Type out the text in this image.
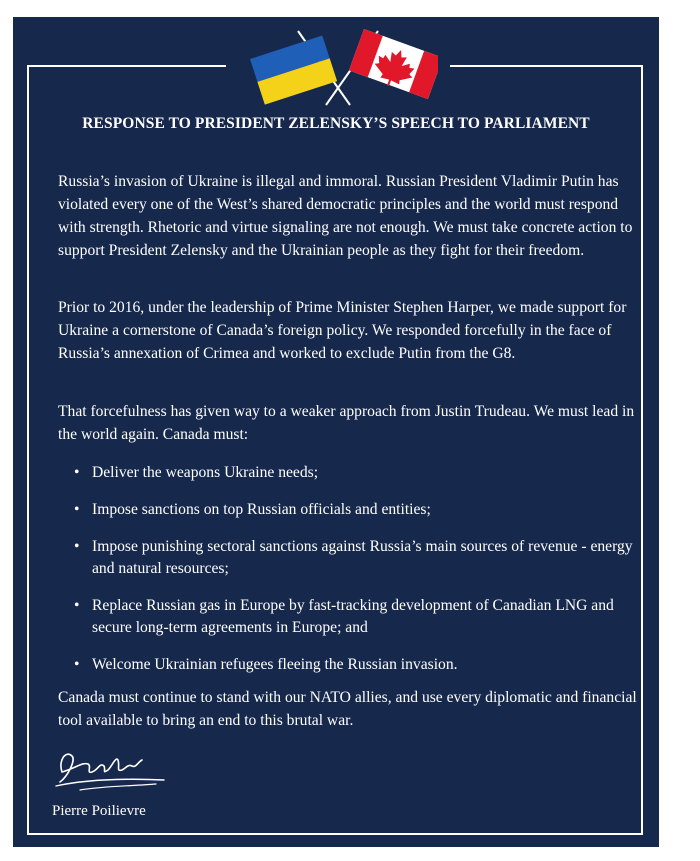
RESPONSE TO PRESIDENT ZELENSKY’S SPEECH TO PARLIAMENT

Russia’s invasion of Ukraine is illegal and immoral. Russian President Vladimir Putin has violated every one of the West’s shared democratic principles and the world must respond with strength. Rhetoric and virtue signaling are not enough. We must take concrete action to support President Zelensky and the Ukrainian people as they fight for their freedom.

Prior to 2016, under the leadership of Prime Minister Stephen Harper, we made support for Ukraine a cornerstone of Canada’s foreign policy. We responded forcefully in the face of Russia’s annexation of Crimea and worked to exclude Putin from the G8.

That forcefulness has given way to a weaker approach from Justin Trudeau. We must lead in the world again. Canada must:

• Deliver the weapons Ukraine needs;
• Impose sanctions on top Russian officials and entities;
• Impose punishing sectoral sanctions against Russia’s main sources of revenue - energy and natural resources;
• Replace Russian gas in Europe by fast-tracking development of Canadian LNG and secure long-term agreements in Europe; and
• Welcome Ukrainian refugees fleeing the Russian invasion.

Canada must continue to stand with our NATO allies, and use every diplomatic and financial tool available to bring an end to this brutal war.

Pierre Poilievre
